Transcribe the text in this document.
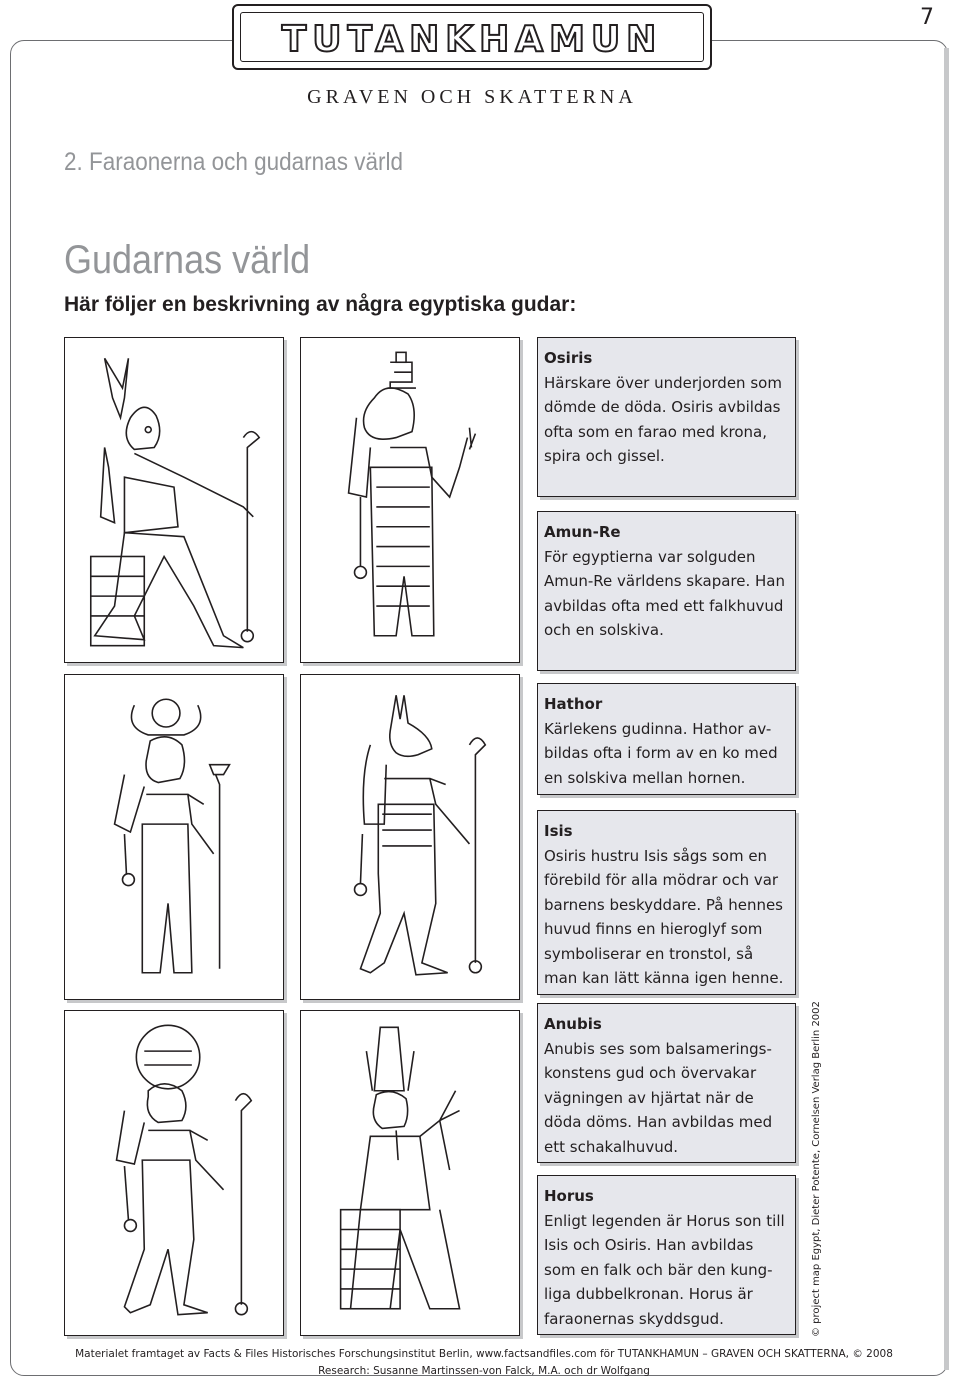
7
TUTANKHAMUN
GRAVEN OCH SKATTERNA
2. Faraonerna och gudarnas värld
Gudarnas värld
Här följer en beskrivning av några egyptiska gudar:
Osiris
Härskare över underjorden som dömde de döda. Osiris avbildas ofta som en farao med krona, spira och gissel.
Amun-Re
För egyptierna var solguden Amun-Re världens skapare. Han avbildas ofta med ett falkhuvud och en solskiva.
Hathor
Kärlekens gudinna. Hathor av-bildas ofta i form av en ko med en solskiva mellan hornen.
Isis
Osiris hustru Isis sågs som en förebild för alla mödrar och var barnens beskyddare. På hennes huvud finns en hieroglyf som symboliserar en tronstol, så man kan lätt känna igen henne.
Anubis
Anubis ses som balsamerings-konstens gud och övervakar vägningen av hjärtat när de döda döms. Han avbildas med ett schakalhuvud.
Horus
Enligt legenden är Horus son till Isis och Osiris. Han avbildas som en falk och bär den kung-liga dubbelkronan. Horus är faraonernas skyddsgud.	© project map Egypt, Dieter Potente, Cornelsen Verlag Berlin 2002
Materialet framtaget av Facts & Files Historisches Forschungsinstitut Berlin, www.factsandfiles.com för TUTANKHAMUN – GRAVEN OCH SKATTERNA, © 2008
Research: Susanne Martinssen-von Falck, M.A. och dr Wolfgang
